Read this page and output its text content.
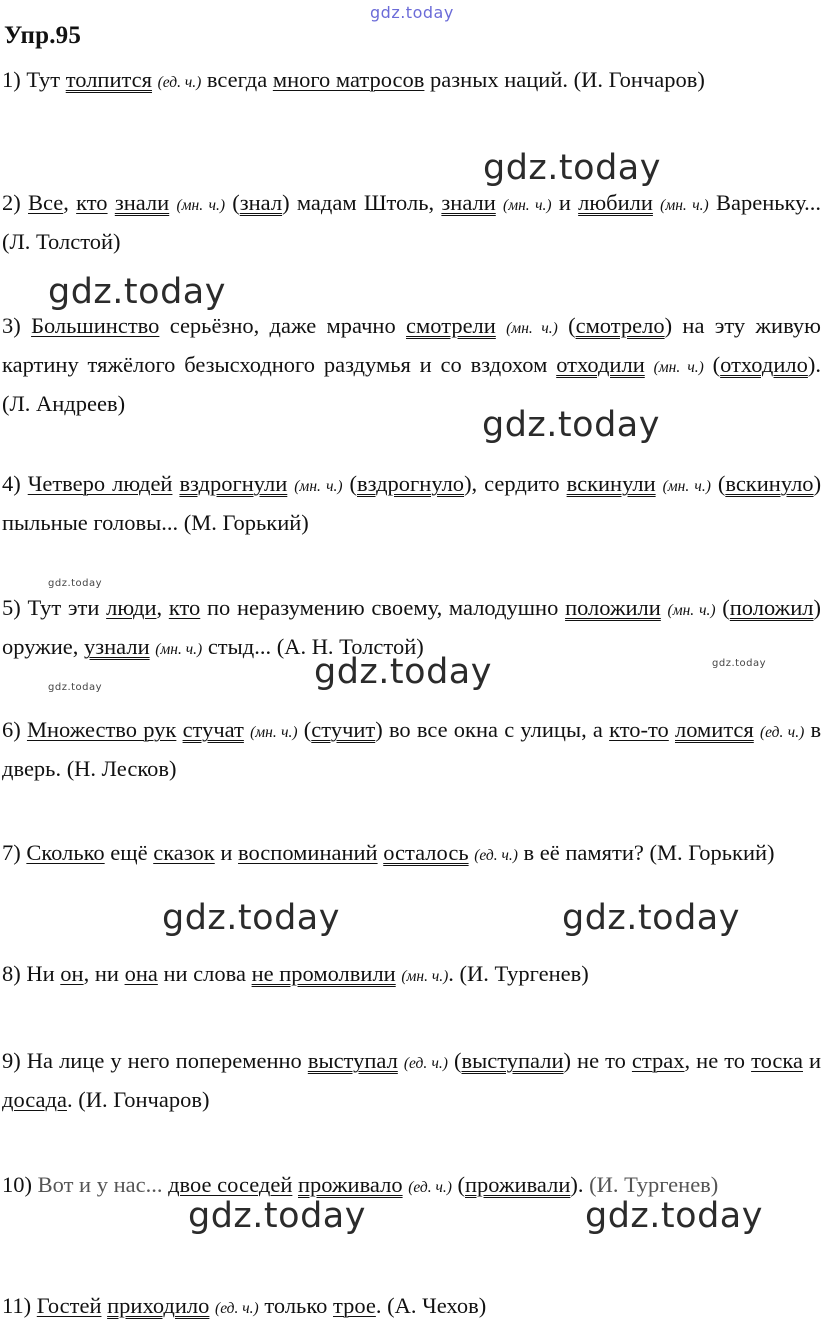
gdz.today
Упр.95
1) Тут толпится (ед. ч.) всегда много матросов разных наций. (И. Гончаров)
2) Все, кто знали (мн. ч.) (знал) мадам Штоль, знали (мн. ч.) и любили (мн. ч.) Вареньку... (Л. Толстой)
3) Большинство серьёзно, даже мрачно смотрели (мн. ч.) (смотрело) на эту живую картину тяжёлого безысходного раздумья и со вздохом отходили (мн. ч.) (отходило). (Л. Андреев)
4) Четверо людей вздрогнули (мн. ч.) (вздрогнуло), сердито вскинули (мн. ч.) (вскинуло) пыльные головы... (М. Горький)
5) Тут эти люди, кто по неразумению своему, малодушно положили (мн. ч.) (положил) оружие, узнали (мн. ч.) стыд... (А. Н. Толстой)
6) Множество рук стучат (мн. ч.) (стучит) во все окна с улицы, а кто-то ломится (ед. ч.) в дверь. (Н. Лесков)
7) Сколько ещё сказок и воспоминаний осталось (ед. ч.) в её памяти? (М. Горький)
8) Ни он, ни она ни слова не промолвили (мн. ч.). (И. Тургенев)
9) На лице у него попеременно выступал (ед. ч.) (выступали) не то страх, не то тоска и досада. (И. Гончаров)
10) Вот и у нас... двое соседей проживало (ед. ч.) (проживали). (И. Тургенев)
11) Гостей приходило (ед. ч.) только трое. (А. Чехов)
gdz.today
gdz.today
gdz.today
gdz.today
gdz.today
gdz.today
gdz.today
gdz.today	gdz.today
gdz.today	gdz.today
